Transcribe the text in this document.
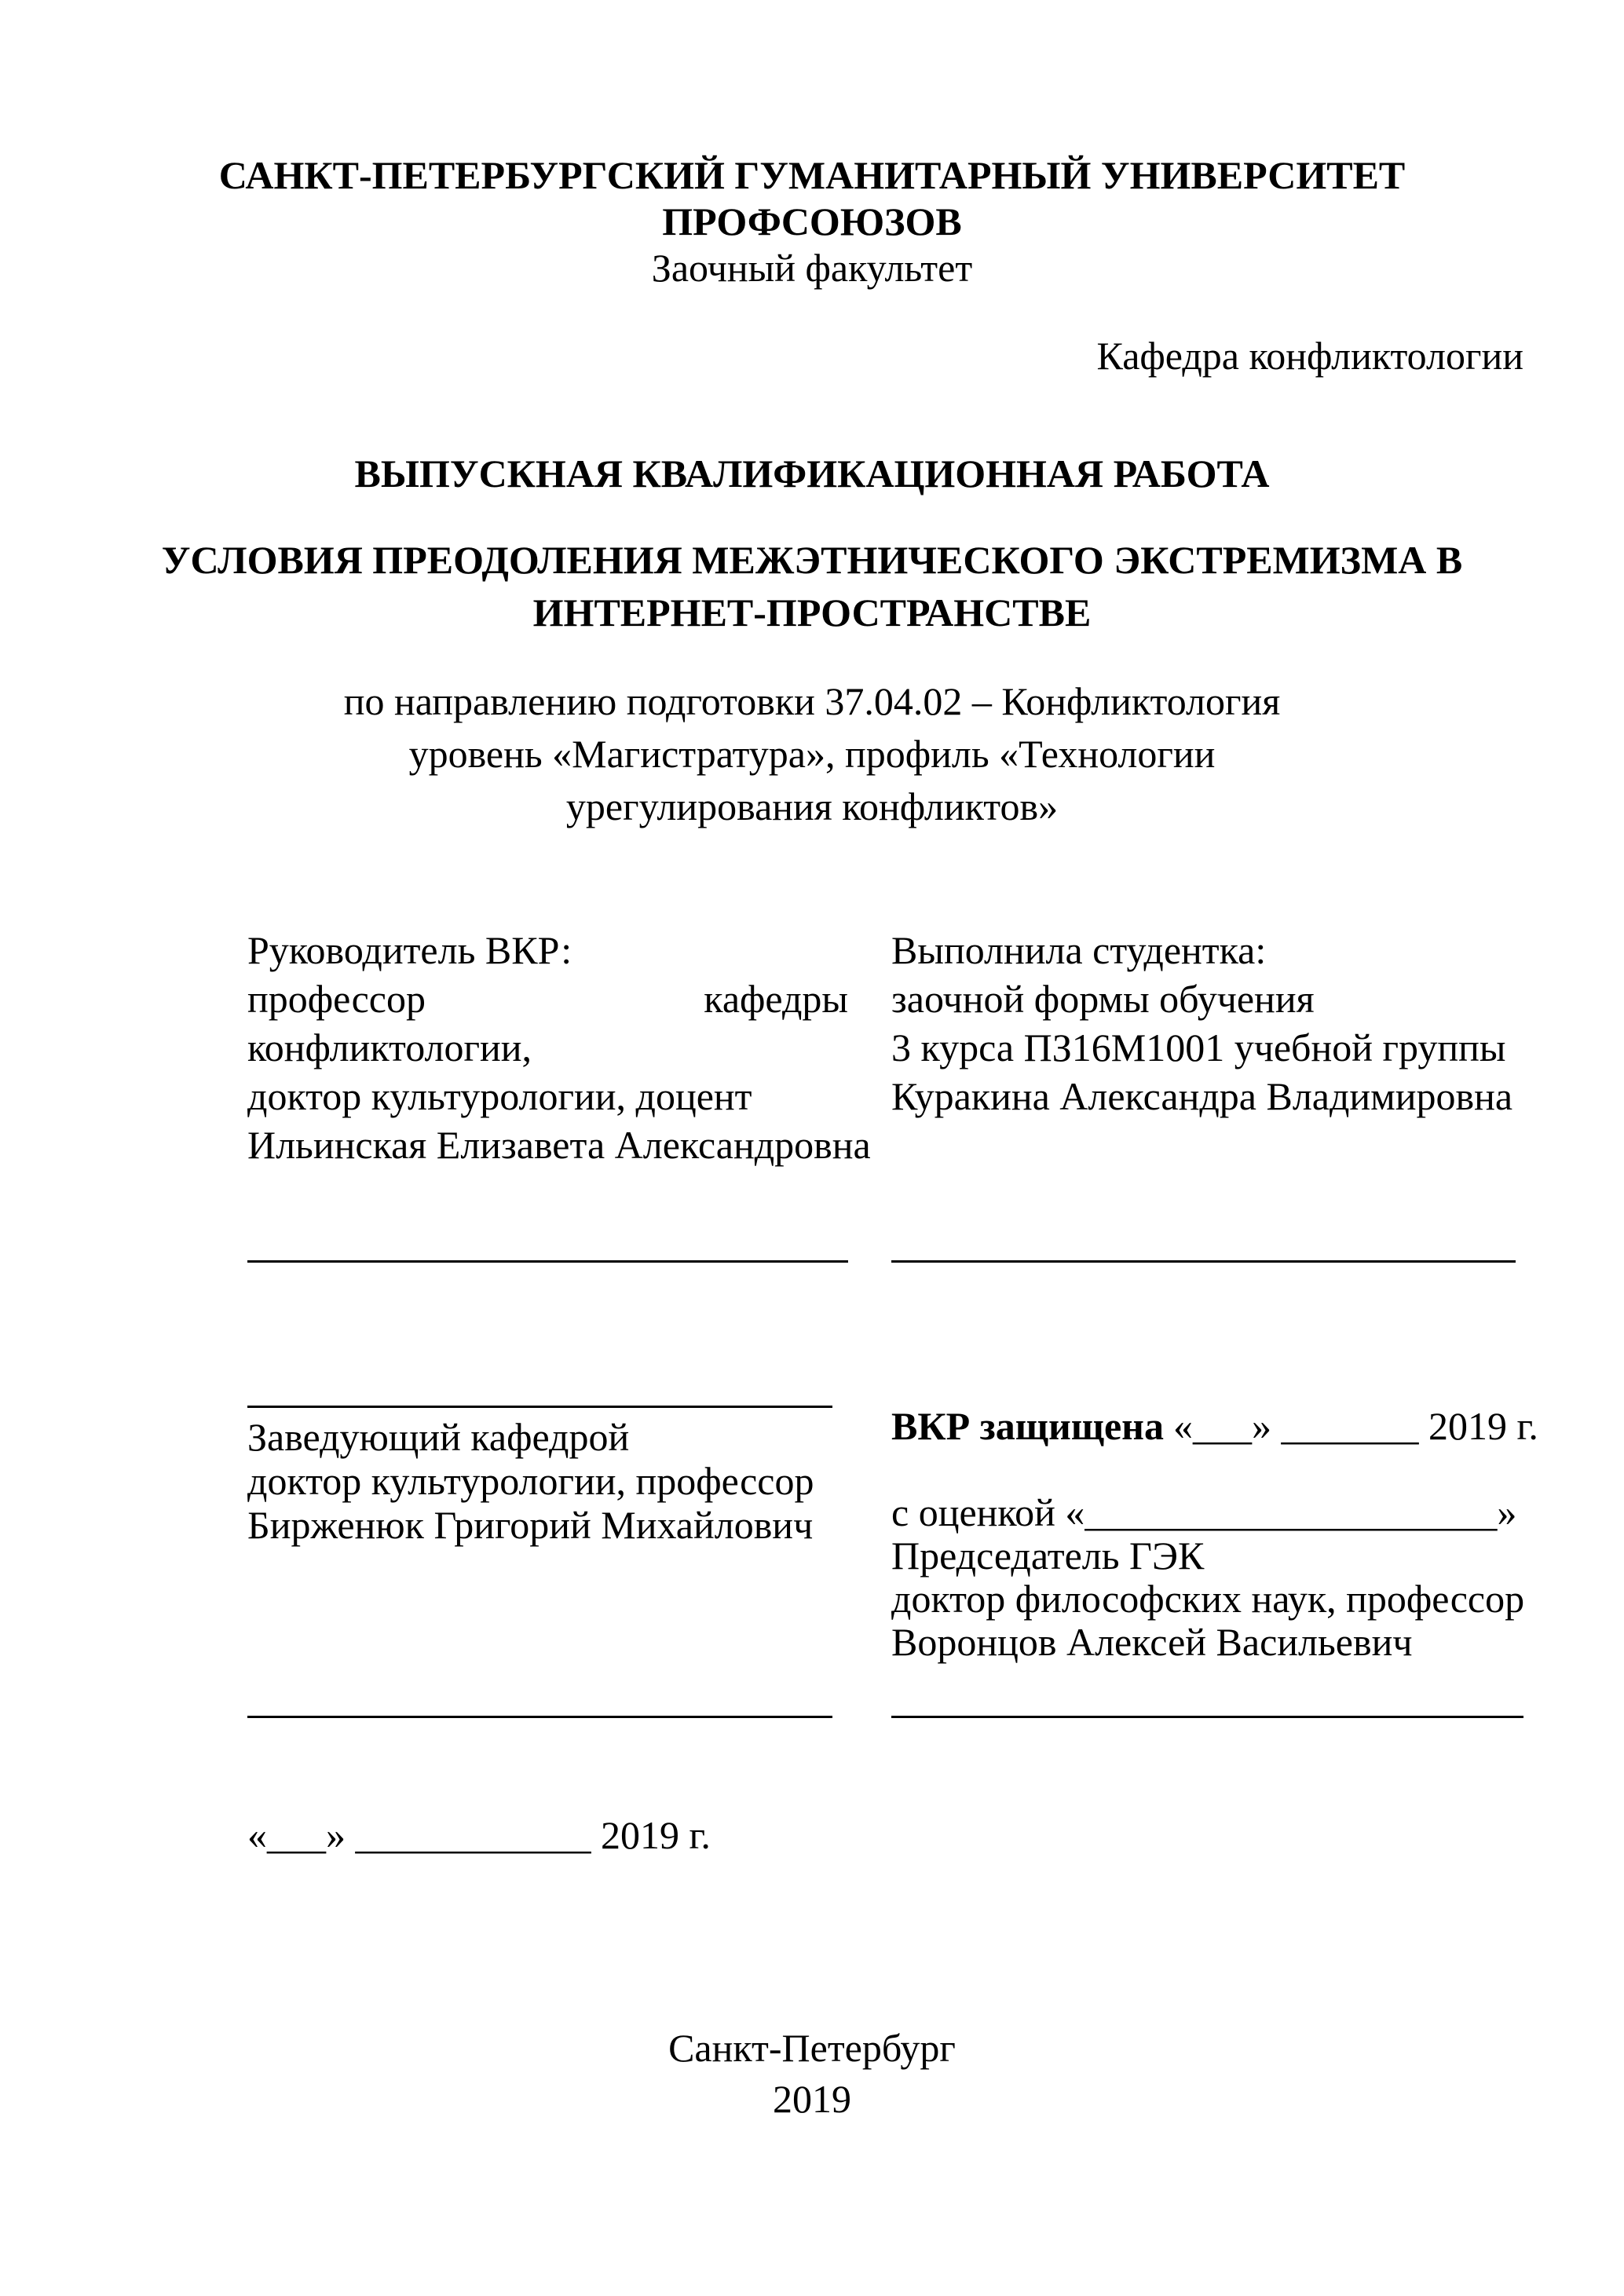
САНКТ-ПЕТЕРБУРГСКИЙ ГУМАНИТАРНЫЙ УНИВЕРСИТЕТ
ПРОФСОЮЗОВ
Заочный факультет
Кафедра конфликтологии
ВЫПУСКНАЯ КВАЛИФИКАЦИОННАЯ РАБОТА
УСЛОВИЯ ПРЕОДОЛЕНИЯ МЕЖЭТНИЧЕСКОГО ЭКСТРЕМИЗМА В
ИНТЕРНЕТ-ПРОСТРАНСТВЕ
по направлению подготовки 37.04.02 – Конфликтология
уровень «Магистратура», профиль «Технологии
урегулирования конфликтов»
Руководитель ВКР:
профессор кафедры конфликтологии,
доктор культурологии, доцент
Ильинская Елизавета Александровна
Выполнила студентка:
заочной формы обучения
3 курса ПЗ16М1001 учебной группы
Куракина Александра Владимировна
Заведующий кафедрой
доктор культурологии, профессор
Бирженюк Григорий Михайлович
ВКР защищена «___» _______ 2019 г.
с оценкой «_____________________»
Председатель ГЭК
доктор философских наук, профессор
Воронцов Алексей Васильевич
«___» ____________ 2019 г.
Санкт-Петербург
2019
